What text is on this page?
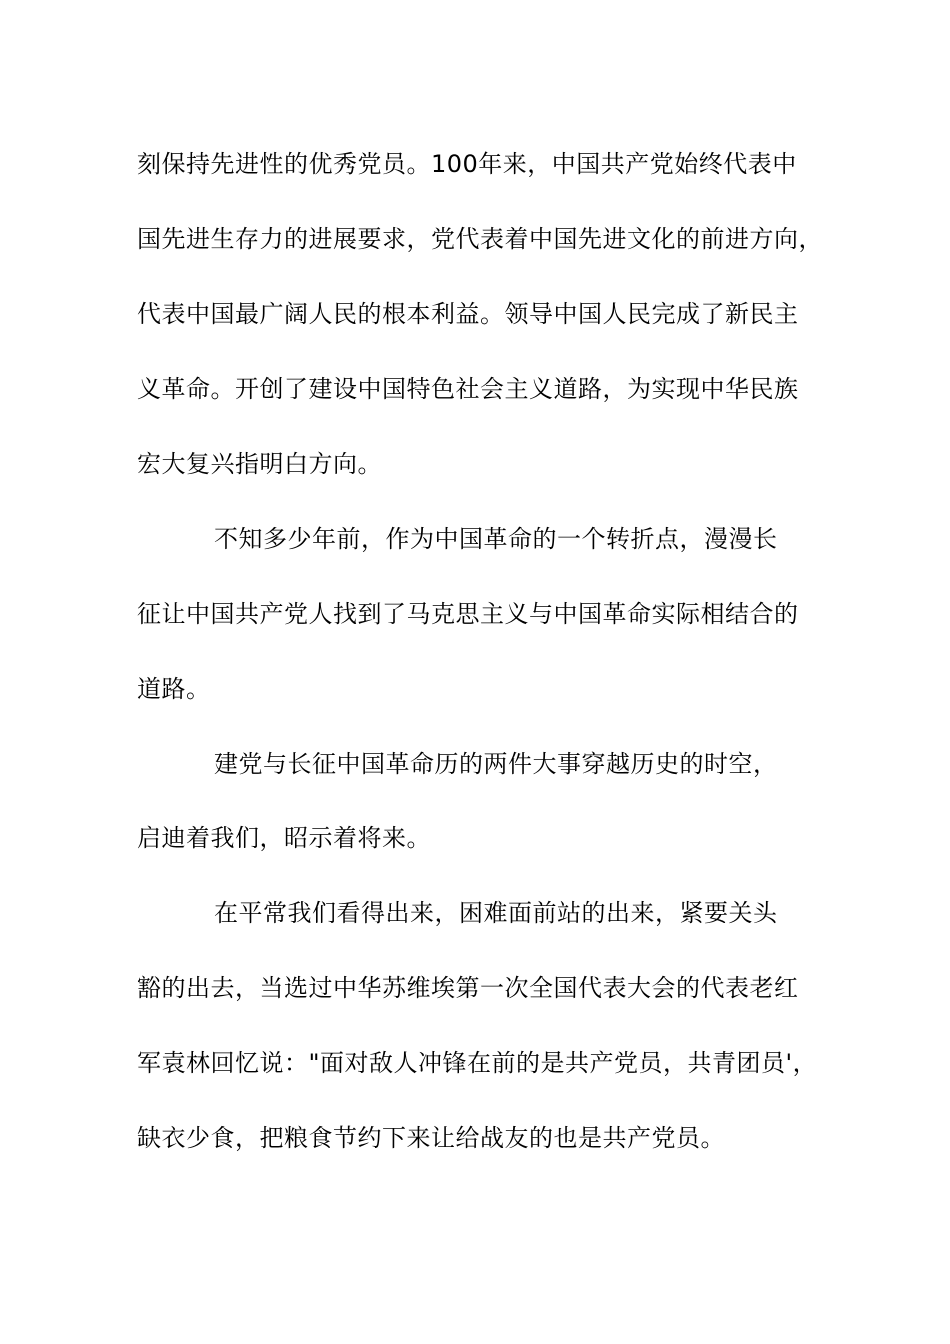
刻保持先进性的优秀党员。100年来，中国共产党始终代表中
国先进生存力的进展要求，党代表着中国先进文化的前进方向，
代表中国最广阔人民的根本利益。领导中国人民完成了新民主
义革命。开创了建设中国特色社会主义道路，为实现中华民族
宏大复兴指明白方向。
不知多少年前，作为中国革命的一个转折点，漫漫长
征让中国共产党人找到了马克思主义与中国革命实际相结合的
道路。
建党与长征中国革命历的两件大事穿越历史的时空，
启迪着我们，昭示着将来。
在平常我们看得出来，困难面前站的出来，紧要关头
豁的出去，当选过中华苏维埃第一次全国代表大会的代表老红
军袁林回忆说："面对敌人冲锋在前的是共产党员，共青团员'，
缺衣少食，把粮食节约下来让给战友的也是共产党员。
